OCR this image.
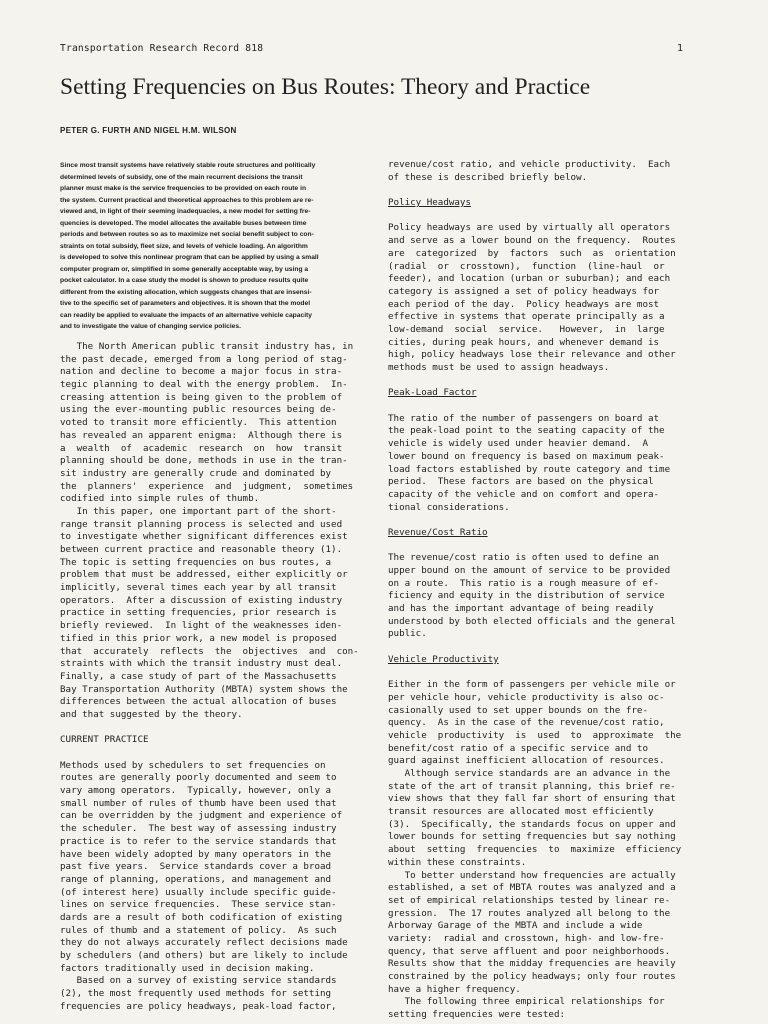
Transportation Research Record 818	1
Setting Frequencies on Bus Routes: Theory and Practice
PETER G. FURTH AND NIGEL H.M. WILSON
Since most transit systems have relatively stable route structures and politically
determined levels of subsidy, one of the main recurrent decisions the transit
planner must make is the service frequencies to be provided on each route in
the system. Current practical and theoretical approaches to this problem are re-
viewed and, in light of their seeming inadequacies, a new model for setting fre-
quencies is developed. The model allocates the available buses between time
periods and between routes so as to maximize net social benefit subject to con-
straints on total subsidy, fleet size, and levels of vehicle loading. An algorithm
is developed to solve this nonlinear program that can be applied by using a small
computer program or, simplified in some generally acceptable way, by using a
pocket calculator. In a case study the model is shown to produce results quite
different from the existing allocation, which suggests changes that are insensi-
tive to the specific set of parameters and objectives. It is shown that the model
can readily be applied to evaluate the impacts of an alternative vehicle capacity
and to investigate the value of changing service policies.
The North American public transit industry has, in
the past decade, emerged from a long period of stag-
nation and decline to become a major focus in stra-
tegic planning to deal with the energy problem.  In-
creasing attention is being given to the problem of
using the ever-mounting public resources being de-
voted to transit more efficiently.  This attention
has revealed an apparent enigma:  Although there is
a  wealth  of  academic  research  on  how  transit
planning should be done, methods in use in the tran-
sit industry are generally crude and dominated by
the  planners'  experience  and  judgment,  sometimes
codified into simple rules of thumb.
In this paper, one important part of the short-
range transit planning process is selected and used
to investigate whether significant differences exist
between current practice and reasonable theory (1).
The topic is setting frequencies on bus routes, a
problem that must be addressed, either explicitly or
implicitly, several times each year by all transit
operators.  After a discussion of existing industry
practice in setting frequencies, prior research is
briefly reviewed.  In light of the weaknesses iden-
tified in this prior work, a new model is proposed
that  accurately  reflects  the  objectives  and  con-
straints with which the transit industry must deal.
Finally, a case study of part of the Massachusetts
Bay Transportation Authority (MBTA) system shows the
differences between the actual allocation of buses
and that suggested by the theory.
CURRENT PRACTICE
Methods used by schedulers to set frequencies on
routes are generally poorly documented and seem to
vary among operators.  Typically, however, only a
small number of rules of thumb have been used that
can be overridden by the judgment and experience of
the scheduler.  The best way of assessing industry
practice is to refer to the service standards that
have been widely adopted by many operators in the
past five years.  Service standards cover a broad
range of planning, operations, and management and
(of interest here) usually include specific guide-
lines on service frequencies.  These service stan-
dards are a result of both codification of existing
rules of thumb and a statement of policy.  As such
they do not always accurately reflect decisions made
by schedulers (and others) but are likely to include
factors traditionally used in decision making.
Based on a survey of existing service standards
(2), the most frequently used methods for setting
frequencies are policy headways, peak-load factor,
revenue/cost ratio, and vehicle productivity.  Each
of these is described briefly below.
Policy Headways
Policy headways are used by virtually all operators
and serve as a lower bound on the frequency.  Routes
are  categorized  by  factors  such  as  orientation
(radial  or  crosstown),  function  (line-haul  or
feeder), and location (urban or suburban); and each
category is assigned a set of policy headways for
each period of the day.  Policy headways are most
effective in systems that operate principally as a
low-demand  social  service.   However,  in  large
cities, during peak hours, and whenever demand is
high, policy headways lose their relevance and other
methods must be used to assign headways.
Peak-Load Factor
The ratio of the number of passengers on board at
the peak-load point to the seating capacity of the
vehicle is widely used under heavier demand.  A
lower bound on frequency is based on maximum peak-
load factors established by route category and time
period.  These factors are based on the physical
capacity of the vehicle and on comfort and opera-
tional considerations.
Revenue/Cost Ratio
The revenue/cost ratio is often used to define an
upper bound on the amount of service to be provided
on a route.  This ratio is a rough measure of ef-
ficiency and equity in the distribution of service
and has the important advantage of being readily
understood by both elected officials and the general
public.
Vehicle Productivity
Either in the form of passengers per vehicle mile or
per vehicle hour, vehicle productivity is also oc-
casionally used to set upper bounds on the fre-
quency.  As in the case of the revenue/cost ratio,
vehicle  productivity  is  used  to  approximate  the
benefit/cost ratio of a specific service and to
guard against inefficient allocation of resources.
Although service standards are an advance in the
state of the art of transit planning, this brief re-
view shows that they fall far short of ensuring that
transit resources are allocated most efficiently
(3).  Specifically, the standards focus on upper and
lower bounds for setting frequencies but say nothing
about  setting  frequencies  to  maximize  efficiency
within these constraints.
To better understand how frequencies are actually
established, a set of MBTA routes was analyzed and a
set of empirical relationships tested by linear re-
gression.  The 17 routes analyzed all belong to the
Arborway Garage of the MBTA and include a wide
variety:  radial and crosstown, high- and low-fre-
quency, that serve affluent and poor neighborhoods.
Results show that the midday frequencies are heavily
constrained by the policy headways; only four routes
have a higher frequency.
The following three empirical relationships for
setting frequencies were tested:
